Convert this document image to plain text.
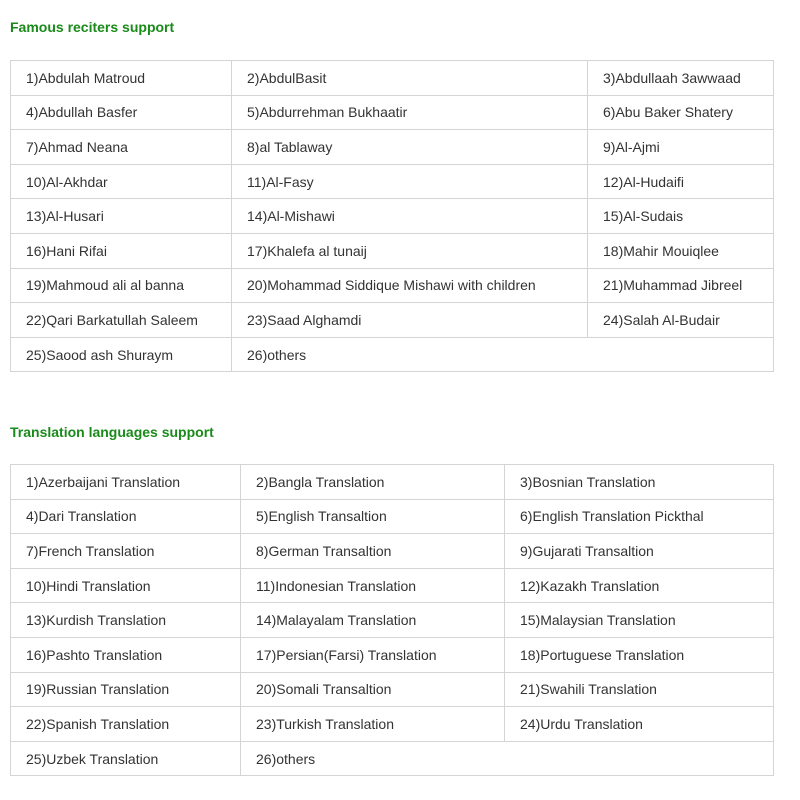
Famous reciters support
1)Abdulah Matroud	2)AbdulBasit	3)Abdullaah 3awwaad
4)Abdullah Basfer	5)Abdurrehman Bukhaatir	6)Abu Baker Shatery
7)Ahmad Neana	8)al Tablaway	9)Al-Ajmi
10)Al-Akhdar	11)Al-Fasy	12)Al-Hudaifi
13)Al-Husari	14)Al-Mishawi	15)Al-Sudais
16)Hani Rifai	17)Khalefa al tunaij	18)Mahir Mouiqlee
19)Mahmoud ali al banna	20)Mohammad Siddique Mishawi with children	21)Muhammad Jibreel
22)Qari Barkatullah Saleem	23)Saad Alghamdi	24)Salah Al-Budair
25)Saood ash Shuraym	26)others	
Translation languages support
1)Azerbaijani Translation	2)Bangla Translation	3)Bosnian Translation
4)Dari Translation	5)English Transaltion	6)English Translation Pickthal
7)French Translation	8)German Transaltion	9)Gujarati Transaltion
10)Hindi Translation	11)Indonesian Translation	12)Kazakh Translation
13)Kurdish Translation	14)Malayalam Translation	15)Malaysian Translation
16)Pashto Translation	17)Persian(Farsi) Translation	18)Portuguese Translation
19)Russian Translation	20)Somali Transaltion	21)Swahili Translation
22)Spanish Translation	23)Turkish Translation	24)Urdu Translation
25)Uzbek Translation	26)others	
